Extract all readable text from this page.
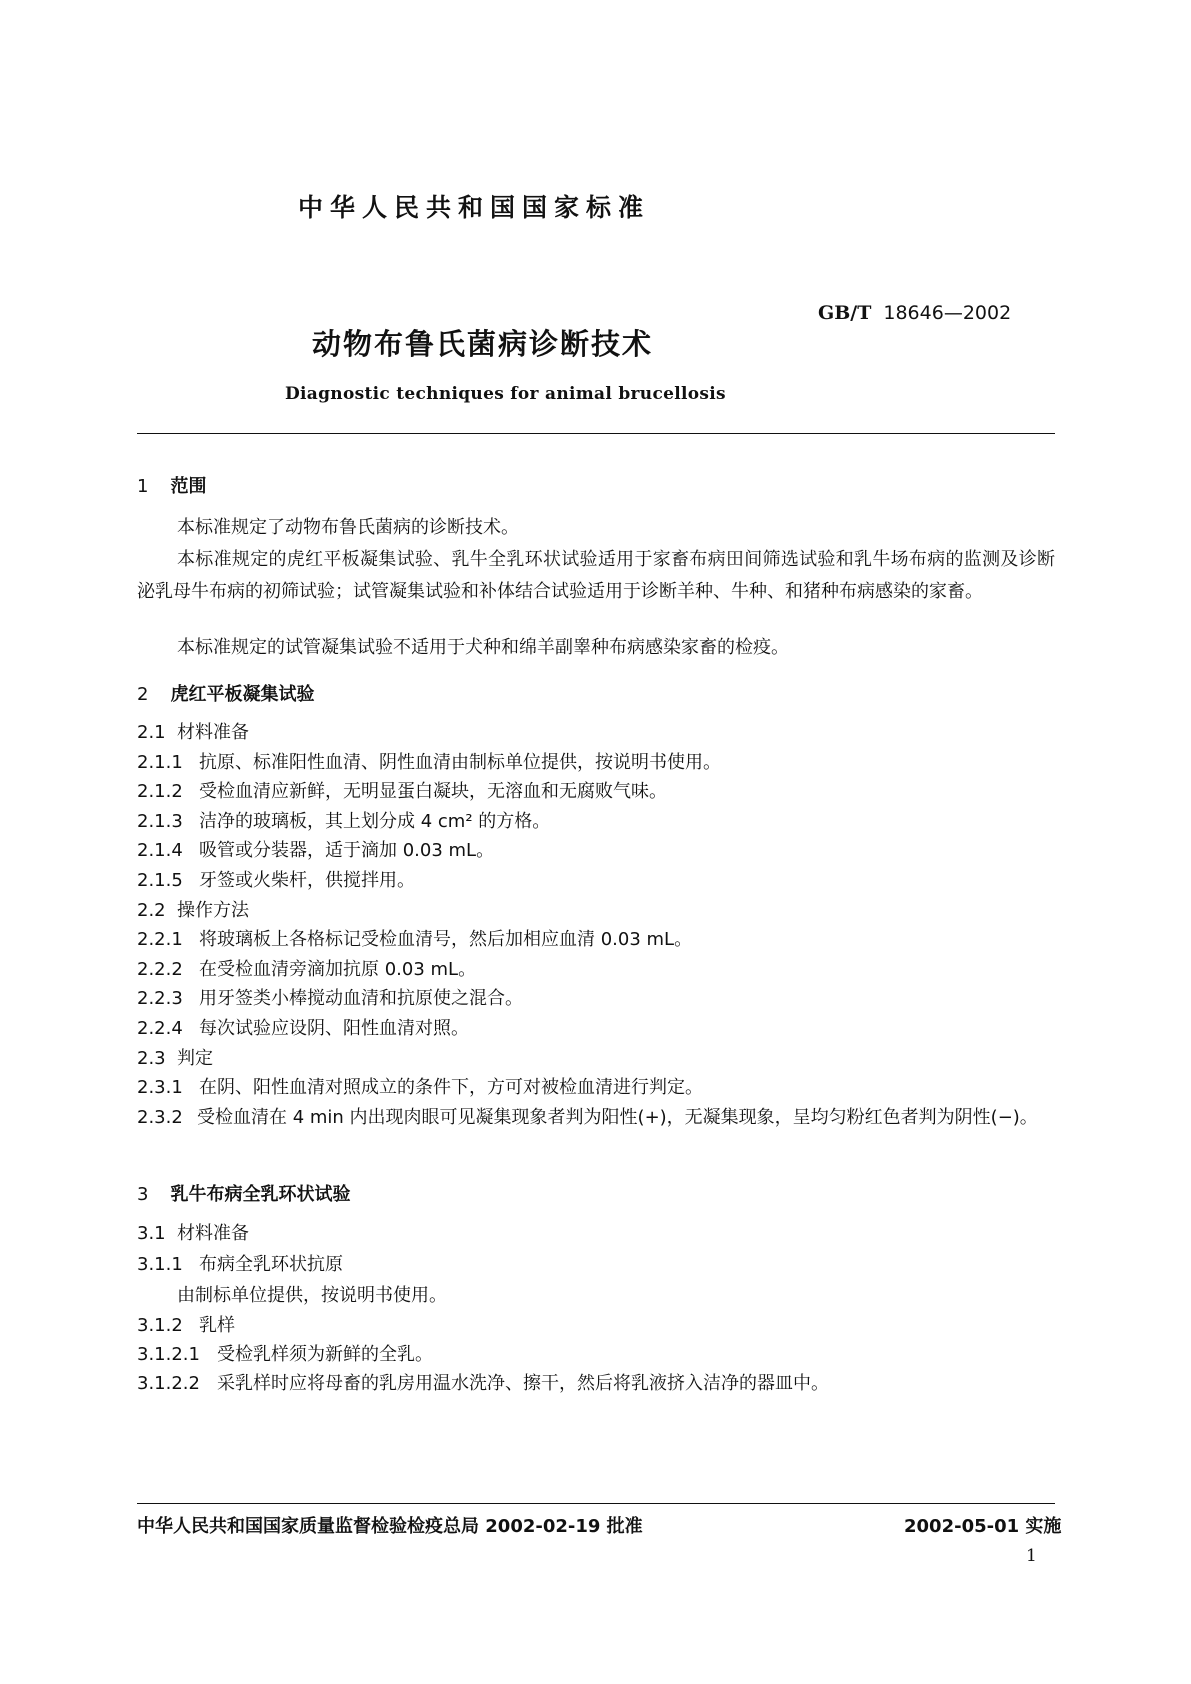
中华人民共和国国家标准
GB/T 18646—2002
动物布鲁氏菌病诊断技术
Diagnostic techniques for animal brucellosis
1 范围
本标准规定了动物布鲁氏菌病的诊断技术。
本标准规定的虎红平板凝集试验、乳牛全乳环状试验适用于家畜布病田间筛选试验和乳牛场布病的监测及诊断泌乳母牛布病的初筛试验；试管凝集试验和补体结合试验适用于诊断羊种、牛种、和猪种布病感染的家畜。
本标准规定的试管凝集试验不适用于犬种和绵羊副睾种布病感染家畜的检疫。
2 虎红平板凝集试验
2.1 材料准备
2.1.1 抗原、标准阳性血清、阴性血清由制标单位提供，按说明书使用。
2.1.2 受检血清应新鲜，无明显蛋白凝块，无溶血和无腐败气味。
2.1.3 洁净的玻璃板，其上划分成 4 cm² 的方格。
2.1.4 吸管或分装器，适于滴加 0.03 mL。
2.1.5 牙签或火柴杆，供搅拌用。
2.2 操作方法
2.2.1 将玻璃板上各格标记受检血清号，然后加相应血清 0.03 mL。
2.2.2 在受检血清旁滴加抗原 0.03 mL。
2.2.3 用牙签类小棒搅动血清和抗原使之混合。
2.2.4 每次试验应设阴、阳性血清对照。
2.3 判定
2.3.1 在阴、阳性血清对照成立的条件下，方可对被检血清进行判定。
2.3.2 受检血清在 4 min 内出现肉眼可见凝集现象者判为阳性(+)，无凝集现象，呈均匀粉红色者判为阴性(−)。
3 乳牛布病全乳环状试验
3.1 材料准备
3.1.1 布病全乳环状抗原
由制标单位提供，按说明书使用。
3.1.2 乳样
3.1.2.1 受检乳样须为新鲜的全乳。
3.1.2.2 采乳样时应将母畜的乳房用温水洗净、擦干，然后将乳液挤入洁净的器皿中。
中华人民共和国国家质量监督检验检疫总局 2002-02-19 批准	2002-05-01 实施
1
